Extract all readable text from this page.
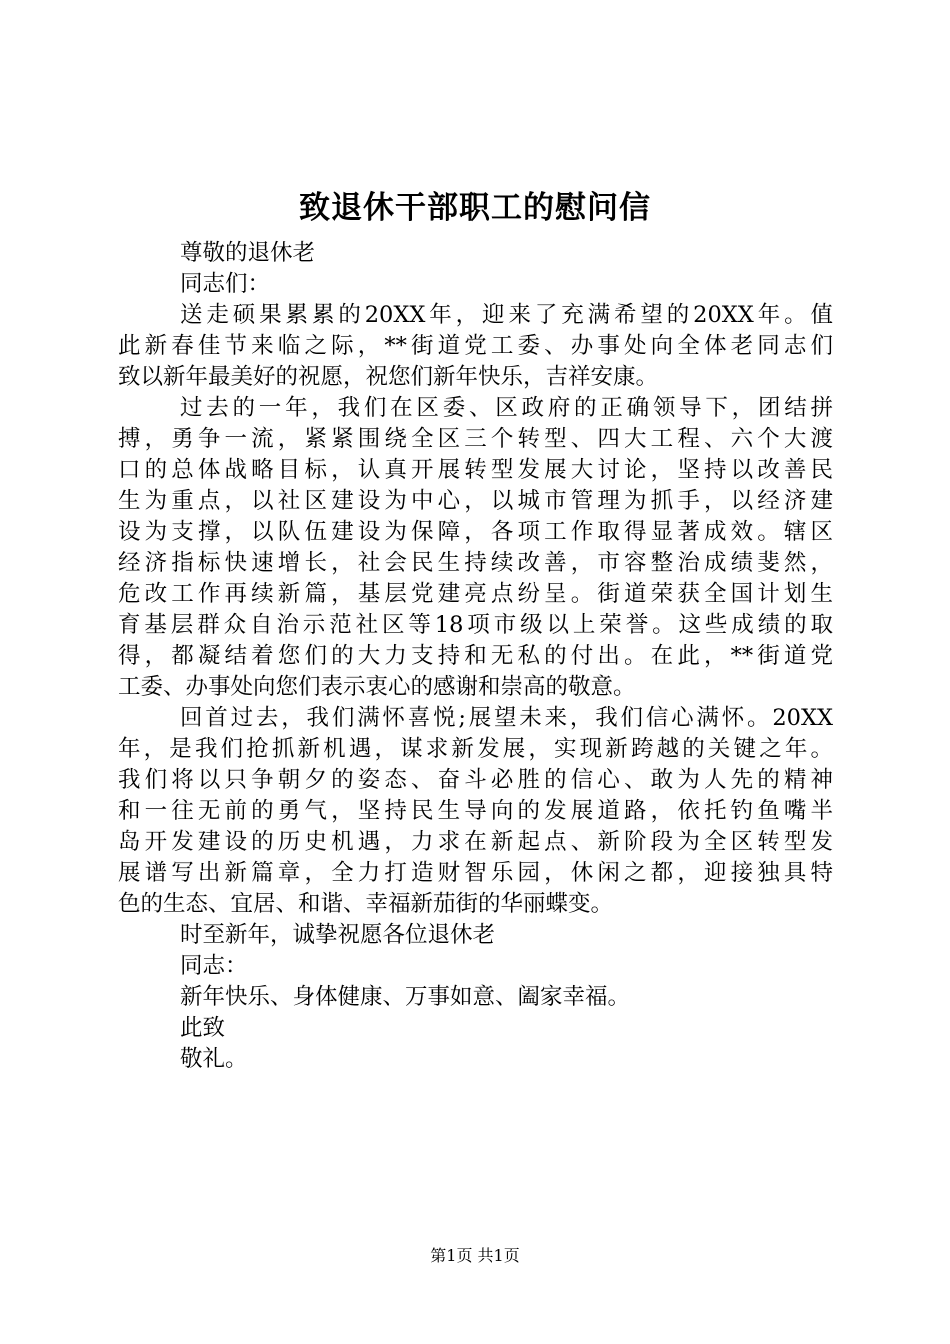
致退休干部职工的慰问信
尊敬的退休老
同志们：
送走硕果累累的20XX年，迎来了充满希望的20XX年。值
此新春佳节来临之际，**街道党工委、办事处向全体老同志们
致以新年最美好的祝愿，祝您们新年快乐，吉祥安康。
过去的一年，我们在区委、区政府的正确领导下，团结拼
搏，勇争一流，紧紧围绕全区三个转型、四大工程、六个大渡
口的总体战略目标，认真开展转型发展大讨论，坚持以改善民
生为重点，以社区建设为中心，以城市管理为抓手，以经济建
设为支撑，以队伍建设为保障，各项工作取得显著成效。辖区
经济指标快速增长，社会民生持续改善，市容整治成绩斐然，
危改工作再续新篇，基层党建亮点纷呈。街道荣获全国计划生
育基层群众自治示范社区等18项市级以上荣誉。这些成绩的取
得，都凝结着您们的大力支持和无私的付出。在此，**街道党
工委、办事处向您们表示衷心的感谢和崇高的敬意。
回首过去，我们满怀喜悦;展望未来，我们信心满怀。20XX
年，是我们抢抓新机遇，谋求新发展，实现新跨越的关键之年。
我们将以只争朝夕的姿态、奋斗必胜的信心、敢为人先的精神
和一往无前的勇气，坚持民生导向的发展道路，依托钓鱼嘴半
岛开发建设的历史机遇，力求在新起点、新阶段为全区转型发
展谱写出新篇章，全力打造财智乐园，休闲之都，迎接独具特
色的生态、宜居、和谐、幸福新茄街的华丽蝶变。
时至新年，诚挚祝愿各位退休老
同志：
新年快乐、身体健康、万事如意、阖家幸福。
此致
敬礼。
第1页 共1页
